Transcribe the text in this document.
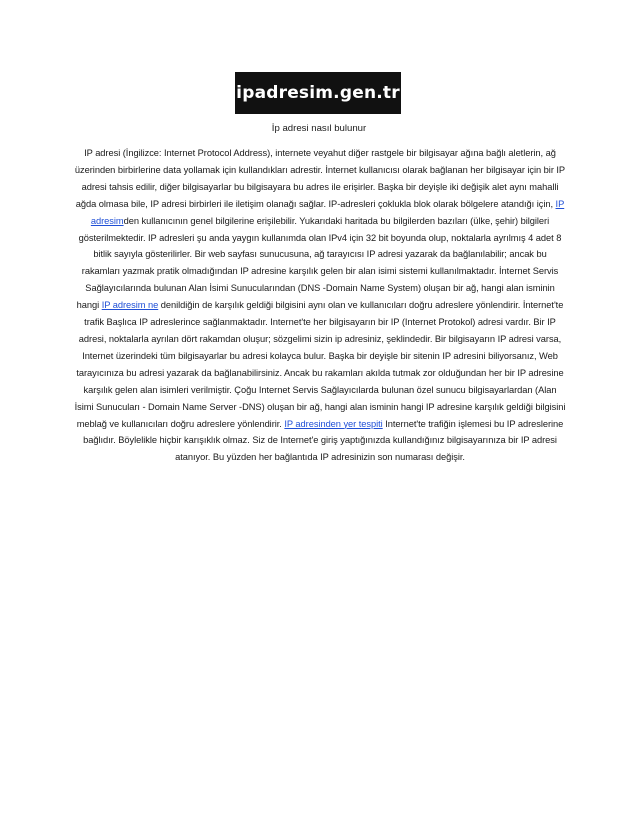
ipadresim.gen.tr
İp adresi nasıl bulunur
IP adresi (İngilizce: Internet Protocol Address), internete veyahut diğer rastgele bir bilgisayar ağına bağlı aletlerin, ağ üzerinden birbirlerine data yollamak için kullandıkları adrestir. İnternet kullanıcısı olarak bağlanan her bilgisayar için bir IP adresi tahsis edilir, diğer bilgisayarlar bu bilgisayara bu adres ile erişirler. Başka bir deyişle iki değişik alet aynı mahalli ağda olmasa bile, IP adresi birbirleri ile iletişim olanağı sağlar. IP-adresleri çoklukla blok olarak bölgelere atandığı için, IP adresimden kullanıcının genel bilgilerine erişilebilir. Yukarıdaki haritada bu bilgilerden bazıları (ülke, şehir) bilgileri gösterilmektedir. IP adresleri şu anda yaygın kullanımda olan IPv4 için 32 bit boyunda olup, noktalarla ayrılmış 4 adet 8 bitlik sayıyla gösterilirler. Bir web sayfası sunucusuna, ağ tarayıcısı IP adresi yazarak da bağlanılabilir; ancak bu rakamları yazmak pratik olmadığından IP adresine karşılık gelen bir alan isimi sistemi kullanılmaktadır. İnternet Servis Sağlayıcılarında bulunan Alan İsimi Sunucularından (DNS -Domain Name System) oluşan bir ağ, hangi alan isminin hangi IP adresim ne denildiğin de karşılık geldiği bilgisini aynı olan ve kullanıcıları doğru adreslere yönlendirir. İnternet'te trafik Başlıca IP adreslerince sağlanmaktadır. Internet'te her bilgisayarın bir IP (Internet Protokol) adresi vardır. Bir IP adresi, noktalarla ayrılan dört rakamdan oluşur; sözgelimi sizin ip adresiniz, şeklindedir. Bir bilgisayarın IP adresi varsa, Internet üzerindeki tüm bilgisayarlar bu adresi kolayca bulur. Başka bir deyişle bir sitenin IP adresini biliyorsanız, Web tarayıcınıza bu adresi yazarak da bağlanabilirsiniz. Ancak bu rakamları akılda tutmak zor olduğundan her bir IP adresine karşılık gelen alan isimleri verilmiştir. Çoğu Internet Servis Sağlayıcılarda bulunan özel sunucu bilgisayarlardan (Alan İsimi Sunucuları - Domain Name Server -DNS) oluşan bir ağ, hangi alan isminin hangi IP adresine karşılık geldiği bilgisini meblağ ve kullanıcıları doğru adreslere yönlendirir. IP adresinden yer tespiti Internet'te trafiğin işlemesi bu IP adreslerine bağlıdır. Böylelikle hiçbir karışıklık olmaz. Siz de Internet'e giriş yaptığınızda kullandığınız bilgisayarınıza bir IP adresi atanıyor. Bu yüzden her bağlantıda IP adresinizin son numarası değişir.
